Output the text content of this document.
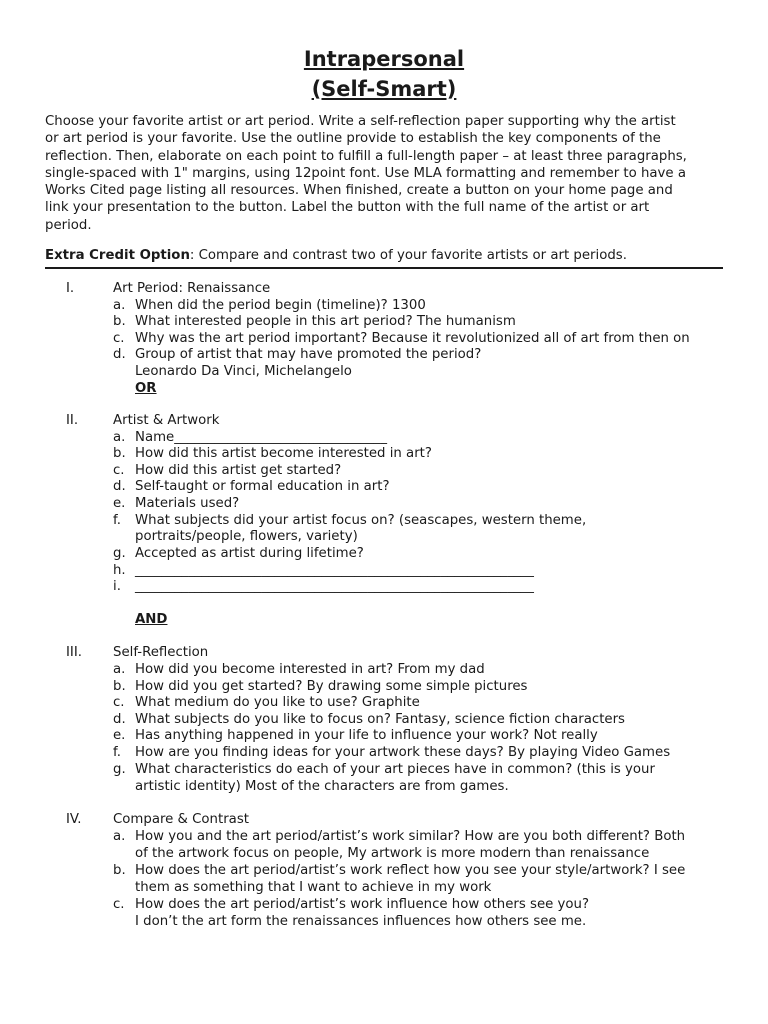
Intrapersonal
(Self-Smart)
Choose your favorite artist or art period. Write a self-reflection paper supporting why the artist
or art period is your favorite. Use the outline provide to establish the key components of the
reflection. Then, elaborate on each point to fulfill a full-length paper – at least three paragraphs,
single-spaced with 1" margins, using 12point font. Use MLA formatting and remember to have a
Works Cited page listing all resources. When finished, create a button on your home page and
link your presentation to the button. Label the button with the full name of the artist or art
period.
Extra Credit Option: Compare and contrast two of your favorite artists or art periods.
I.	Art Period: Renaissance
a. When did the period begin (timeline)? 1300
b. What interested people in this art period? The humanism
c. Why was the art period important? Because it revolutionized all of art from then on
d. Group of artist that may have promoted the period?
Leonardo Da Vinci, Michelangelo
OR
II.	Artist & Artwork
a. Name________________________________
b. How did this artist become interested in art?
c. How did this artist get started?
d. Self-taught or formal education in art?
e. Materials used?
f. What subjects did your artist focus on? (seascapes, western theme,
portraits/people, flowers, variety)
g. Accepted as artist during lifetime?
h. ____________________________________________________________
i. ____________________________________________________________
AND
III. Self-Reflection
a. How did you become interested in art? From my dad
b. How did you get started? By drawing some simple pictures
c. What medium do you like to use? Graphite
d. What subjects do you like to focus on? Fantasy, science fiction characters
e. Has anything happened in your life to influence your work? Not really
f. How are you finding ideas for your artwork these days? By playing Video Games
g. What characteristics do each of your art pieces have in common? (this is your
artistic identity) Most of the characters are from games.
IV. Compare & Contrast
a. How you and the art period/artist’s work similar? How are you both different? Both
of the artwork focus on people, My artwork is more modern than renaissance
b. How does the art period/artist’s work reflect how you see your style/artwork? I see
them as something that I want to achieve in my work
c. How does the art period/artist’s work influence how others see you?
I don’t the art form the renaissances influences how others see me.
